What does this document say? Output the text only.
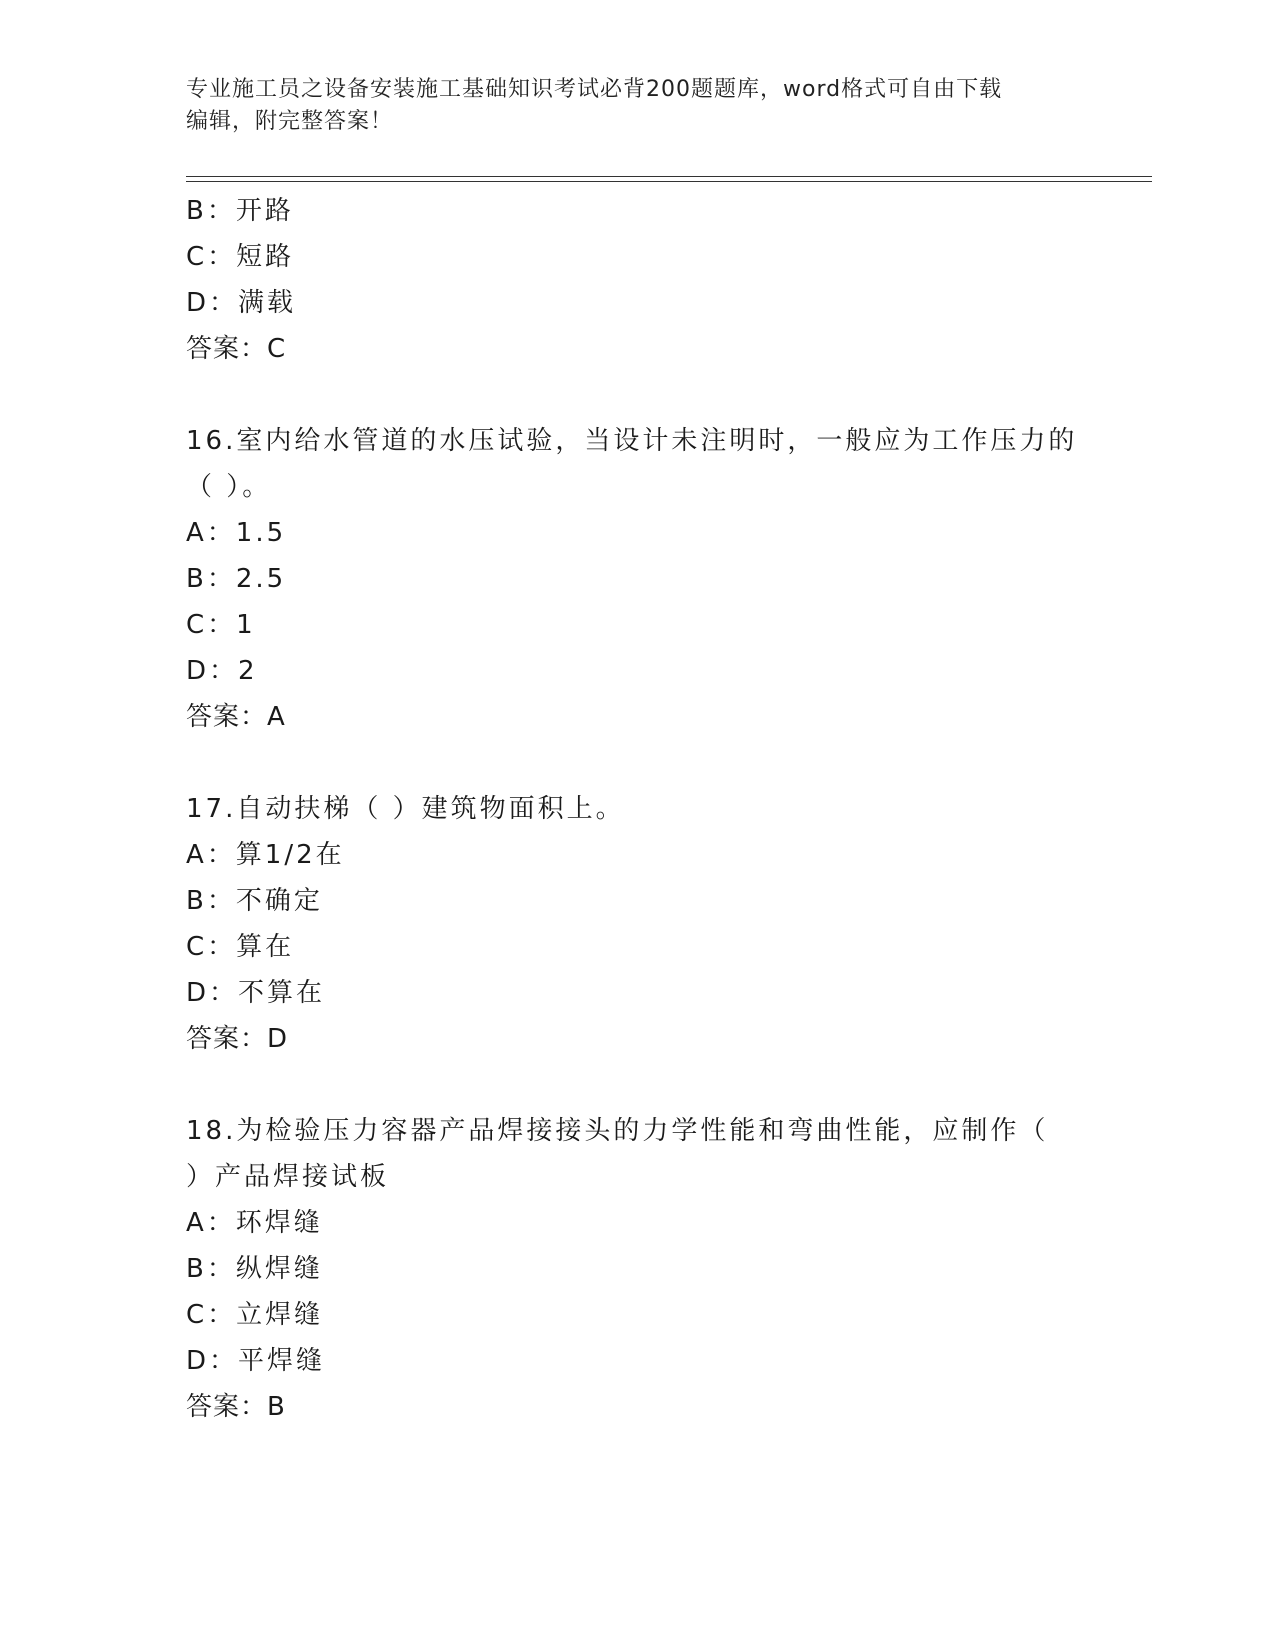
专业施工员之设备安装施工基础知识考试必背200题题库，word格式可自由下载
编辑，附完整答案！
B：开路
C：短路
D：满载
答案：C
16.室内给水管道的水压试验，当设计未注明时，一般应为工作压力的
（ ）。
A：1.5
B：2.5
C：1
D：2
答案：A
17.自动扶梯（ ）建筑物面积上。
A：算1/2在
B：不确定
C：算在
D：不算在
答案：D
18.为检验压力容器产品焊接接头的力学性能和弯曲性能，应制作（
）产品焊接试板
A：环焊缝
B：纵焊缝
C：立焊缝
D：平焊缝
答案：B
